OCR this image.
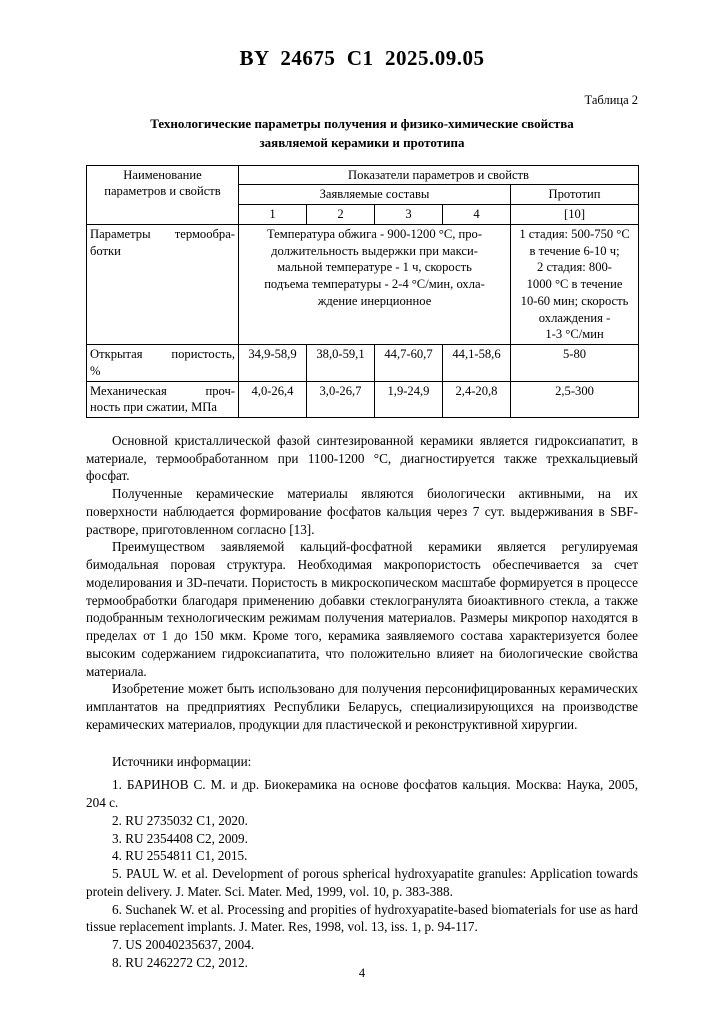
BY  24675  C1  2025.09.05
Таблица 2
Технологические параметры получения и физико-химические свойства
заявляемой керамики и прототипа
Наименование
параметров и свойств	Показатели параметров и свойств				
	Заявляемые составы				Прототип
	1	2	3	4	[10]
Параметры  термообра-
ботки	Температура обжига - 900-1200 °С, про-
должительность выдержки при макси-
мальной температуре - 1 ч, скорость
подъема температуры - 2-4 °С/мин, охла-
ждение инерционное	1 стадия: 500-750 °С
в течение 6-10 ч;
2 стадия: 800-
1000 °С в течение
10-60 мин; скорость
охлаждения -
1-3 °С/мин
Открытая  пористость,

%	34,9-58,9	38,0-59,1	44,7-60,7	44,1-58,6	5-80
Механическая  проч-

ность при сжатии, МПа	4,0-26,4	3,0-26,7	1,9-24,9	2,4-20,8	2,5-300

Основной кристаллической фазой синтезированной керамики является гидроксиапатит, в материале, термообработанном при 1100-1200 °С, диагностируется также трехкальциевый фосфат.

Полученные керамические материалы являются биологически активными, на их поверхности наблюдается формирование фосфатов кальция через 7 сут. выдерживания в SBF-растворе, приготовленном согласно [13].

Преимуществом заявляемой кальций-фосфатной керамики является регулируемая бимодальная поровая структура. Необходимая макропористость обеспечивается за счет моделирования и 3D-печати. Пористость в микроскопическом масштабе формируется в процессе термообработки благодаря применению добавки стеклогранулята биоактивного стекла, а также подобранным технологическим режимам получения материалов. Размеры микропор находятся в пределах от 1 до 150 мкм. Кроме того, керамика заявляемого состава характеризуется более высоким содержанием гидроксиапатита, что положительно влияет на биологические свойства материала.

Изобретение может быть использовано для получения персонифицированных керамических имплантатов на предприятиях Республики Беларусь, специализирующихся на производстве керамических материалов, продукции для пластической и реконструктивной хирургии.

Источники информации:

1. БАРИНОВ С. М. и др. Биокерамика на основе фосфатов кальция. Москва: Наука, 2005, 204 с.

2. RU 2735032 C1, 2020.

3. RU 2354408 C2, 2009.

4. RU 2554811 C1, 2015.

5. PAUL W. et al. Development of porous spherical hydroxyapatite granules: Application towards protein delivery. J. Mater. Sci. Mater. Med, 1999, vol. 10, p. 383-388.

6. Suchanek W. et al. Processing and propities of hydroxyapatite-based biomaterials for use as hard tissue replacement implants. J. Mater. Res, 1998, vol. 13, iss. 1, p. 94-117.

7. US 20040235637, 2004.

8. RU 2462272 C2, 2012.

4
